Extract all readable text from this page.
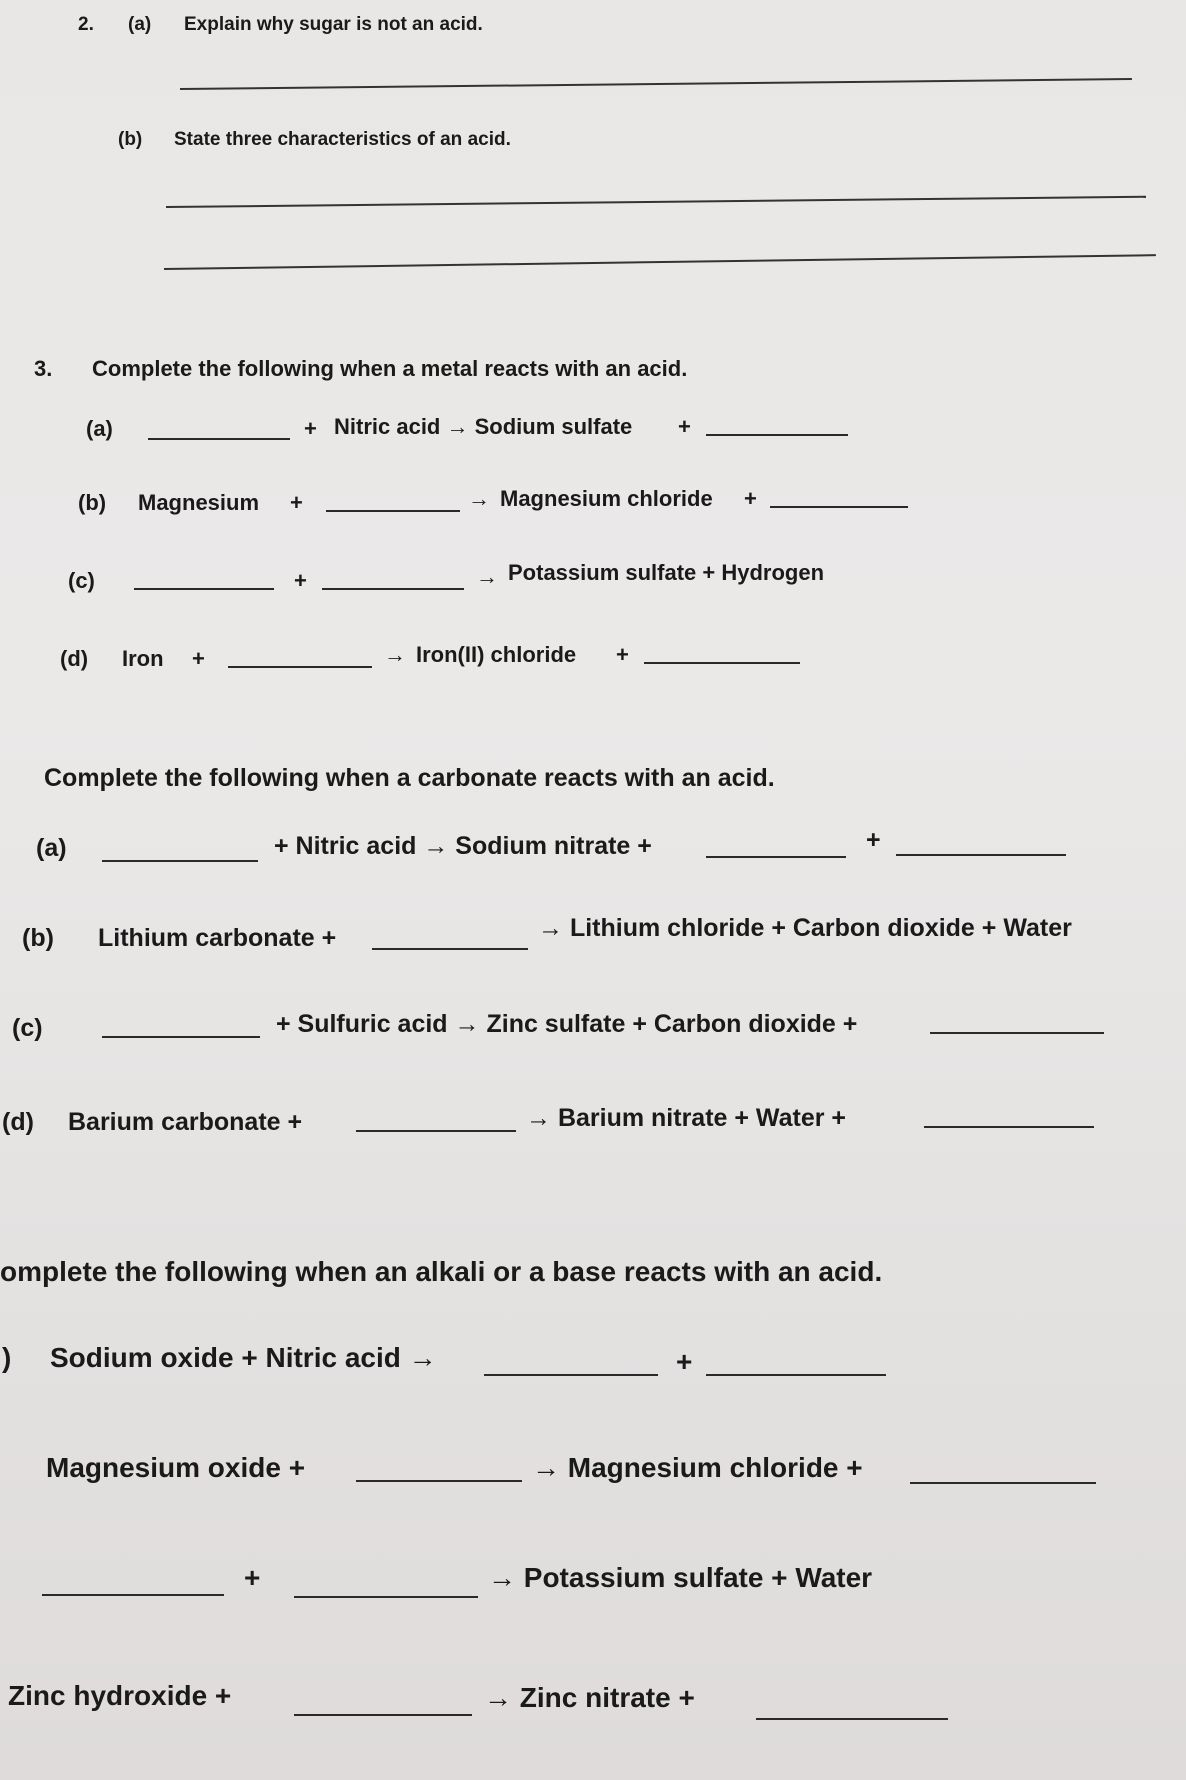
2. (a) Explain why sugar is not an acid.
(b) State three characteristics of an acid.
3. Complete the following when a metal reacts with an acid.
(a)	+ Nitric acid → Sodium sulfate +
(b) Magnesium +	→ Magnesium chloride +
(c)	+	→ Potassium sulfate + Hydrogen
(d) Iron +	→ Iron(II) chloride +
Complete the following when a carbonate reacts with an acid.
(a)	+ Nitric acid → Sodium nitrate +	+
(b) Lithium carbonate +	→ Lithium chloride + Carbon dioxide + Water
(c)	+ Sulfuric acid → Zinc sulfate + Carbon dioxide +
(d) Barium carbonate +	→ Barium nitrate + Water +
omplete the following when an alkali or a base reacts with an acid.
) Sodium oxide + Nitric acid →	+
Magnesium oxide +	→ Magnesium chloride +
+	→ Potassium sulfate + Water
Zinc hydroxide +	→ Zinc nitrate +
